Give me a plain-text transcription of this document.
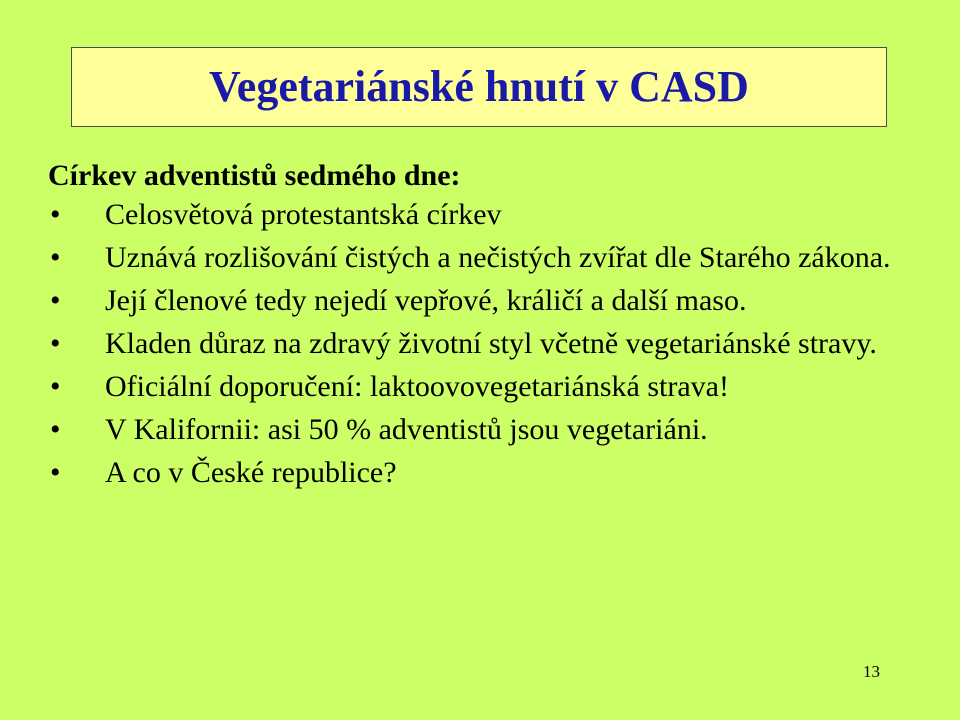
Vegetariánské hnutí v CASD
Církev adventistů sedmého dne:
• Celosvětová protestantská církev
• Uznává rozlišování čistých a nečistých zvířat dle Starého zákona.
• Její členové tedy nejedí vepřové, králičí a další maso.
• Kladen důraz na zdravý životní styl včetně vegetariánské stravy.
• Oficiální doporučení: laktoovovegetariánská strava!
• V Kalifornii: asi 50 % adventistů jsou vegetariáni.
• A co v České republice?
13
